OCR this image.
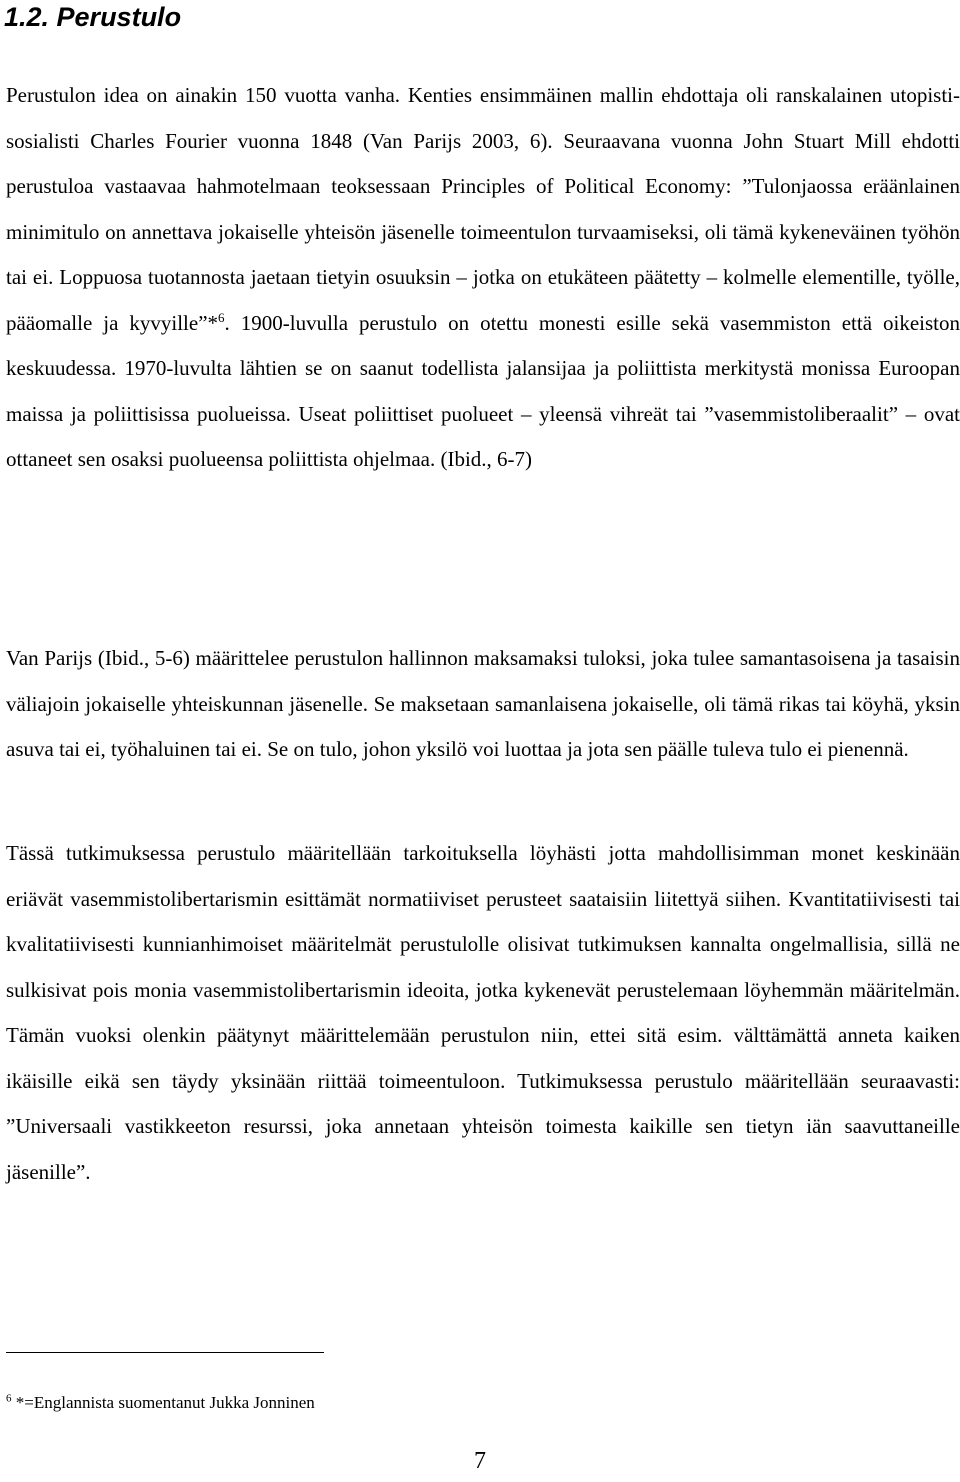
1.2. Perustulo

Perustulon idea on ainakin 150 vuotta vanha. Kenties ensimmäinen mallin ehdottaja oli ranskalainen utopisti-sosialisti Charles Fourier vuonna 1848 (Van Parijs 2003, 6). Seuraavana vuonna John Stuart Mill ehdotti perustuloa vastaavaa hahmotelmaan teoksessaan Principles of Political Economy: ”Tulonjaossa eräänlainen minimitulo on annettava jokaiselle yhteisön jäsenelle toimeentulon turvaamiseksi, oli tämä kykeneväinen työhön tai ei. Loppuosa tuotannosta jaetaan tietyin osuuksin – jotka on etukäteen päätetty – kolmelle elementille, työlle, pääomalle ja kyvyille”*$^6$. 1900-luvulla perustulo on otettu monesti esille sekä vasemmiston että oikeiston keskuudessa. 1970-luvulta lähtien se on saanut todellista jalansijaa ja poliittista merkitystä monissa Euroopan maissa ja poliittisissa puolueissa. Useat poliittiset puolueet – yleensä vihreät tai ”vasemmistoliberaalit” – ovat ottaneet sen osaksi puolueensa poliittista ohjelmaa. (Ibid., 6-7)

Van Parijs (Ibid., 5-6) määrittelee perustulon hallinnon maksamaksi tuloksi, joka tulee samantasoisena ja tasaisin väliajoin jokaiselle yhteiskunnan jäsenelle. Se maksetaan samanlaisena jokaiselle, oli tämä rikas tai köyhä, yksin asuva tai ei, työhaluinen tai ei. Se on tulo, johon yksilö voi luottaa ja jota sen päälle tuleva tulo ei pienennä.

Tässä tutkimuksessa perustulo määritellään tarkoituksella löyhästi jotta mahdollisimman monet keskinään eriävät vasemmistolibertarismin esittämät normatiiviset perusteet saataisiin liitettyä siihen. Kvantitatiivisesti tai kvalitatiivisesti kunnianhimoiset määritelmät perustulolle olisivat tutkimuksen kannalta ongelmallisia, sillä ne sulkisivat pois monia vasemmistolibertarismin ideoita, jotka kykenevät perustelemaan löyhemmän määritelmän. Tämän vuoksi olenkin päätynyt määrittelemään perustulon niin, ettei sitä esim. välttämättä anneta kaiken ikäisille eikä sen täydy yksinään riittää toimeentuloon. Tutkimuksessa perustulo määritellään seuraavasti: ”Universaali vastikkeeton resurssi, joka annetaan yhteisön toimesta kaikille sen tietyn iän saavuttaneille jäsenille”.

$^6$ *=Englannista suomentanut Jukka Jonninen

7
